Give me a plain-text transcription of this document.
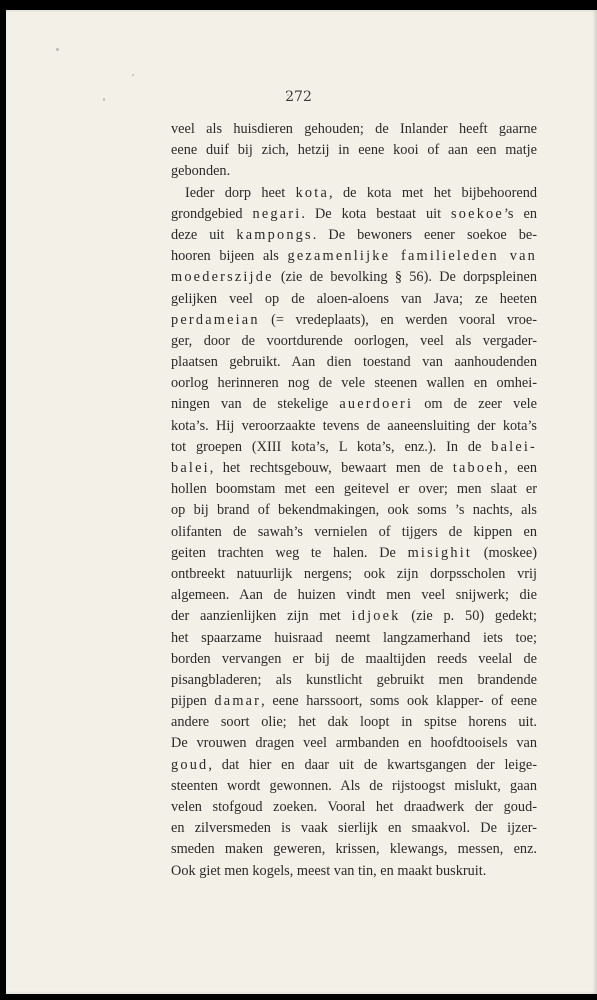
272
veel als huisdieren gehouden; de Inlander heeft gaarne
eene duif bij zich, hetzij in eene kooi of aan een matje
gebonden.
Ieder dorp heet kota, de kota met het bijbehoorend
grondgebied negari. De kota bestaat uit soekoe’s en
deze uit kampongs. De bewoners eener soekoe be-
hooren bijeen als gezamenlijke familieleden van
moederszijde (zie de bevolking § 56). De dorpspleinen
gelijken veel op de aloen-aloens van Java; ze heeten
perdameian (= vredeplaats), en werden vooral vroe-
ger, door de voortdurende oorlogen, veel als vergader-
plaatsen gebruikt. Aan dien toestand van aanhoudenden
oorlog herinneren nog de vele steenen wallen en omhei-
ningen van de stekelige auerdoeri om de zeer vele
kota’s. Hij veroorzaakte tevens de aaneensluiting der kota’s
tot groepen (XIII kota’s, L kota’s, enz.). In de balei-
balei, het rechtsgebouw, bewaart men de taboeh, een
hollen boomstam met een geitevel er over; men slaat er
op bij brand of bekendmakingen, ook soms ’s nachts, als
olifanten de sawah’s vernielen of tijgers de kippen en
geiten trachten weg te halen. De misighit (moskee)
ontbreekt natuurlijk nergens; ook zijn dorpsscholen vrij
algemeen. Aan de huizen vindt men veel snijwerk; die
der aanzienlijken zijn met idjoek (zie p. 50) gedekt;
het spaarzame huisraad neemt langzamerhand iets toe;
borden vervangen er bij de maaltijden reeds veelal de
pisangbladeren; als kunstlicht gebruikt men brandende
pijpen damar, eene harssoort, soms ook klapper- of eene
andere soort olie; het dak loopt in spitse horens uit.
De vrouwen dragen veel armbanden en hoofdtooisels van
goud, dat hier en daar uit de kwartsgangen der leige-
steenten wordt gewonnen. Als de rijstoogst mislukt, gaan
velen stofgoud zoeken. Vooral het draadwerk der goud-
en zilversmeden is vaak sierlijk en smaakvol. De ijzer-
smeden maken geweren, krissen, klewangs, messen, enz.
Ook giet men kogels, meest van tin, en maakt buskruit.
